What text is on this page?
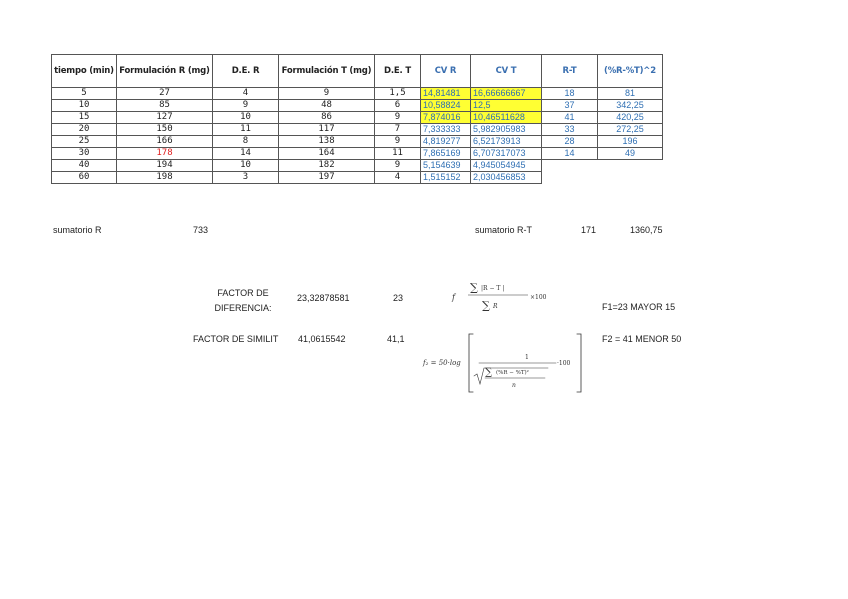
tiempo (min)	Formulación R (mg)	D.E. R	Formulación T (mg)	D.E. T	CV R	CV T	R-T	(%R-%T)^2
5	27	4	9	1,5	14,81481	16,66666667	18	81
10	85	9	48	6	10,58824	12,5	37	342,25
15	127	10	86	9	7,874016	10,46511628	41	420,25
20	150	11	117	7	7,333333	5,982905983	33	272,25
25	166	8	138	9	4,819277	6,52173913	28	196
30	178	14	164	11	7,865169	6,707317073	14	49
40	194	10	182	9	5,154639	4,945054945		
60	198	3	197	4	1,515152	2,030456853		
sumatorio R	733	sumatorio R-T	171	1360,75
FACTOR DE DIFERENCIA:
23,32878581	23
F1=23 MAYOR 15
f
∑ |R − T |
×100
∑ R
FACTOR DE SIMILIT 41,0615542	41,1	F2 = 41 MENOR 50
f₂ = 50·log
1
∑ (%R − %T)²
n
·100
